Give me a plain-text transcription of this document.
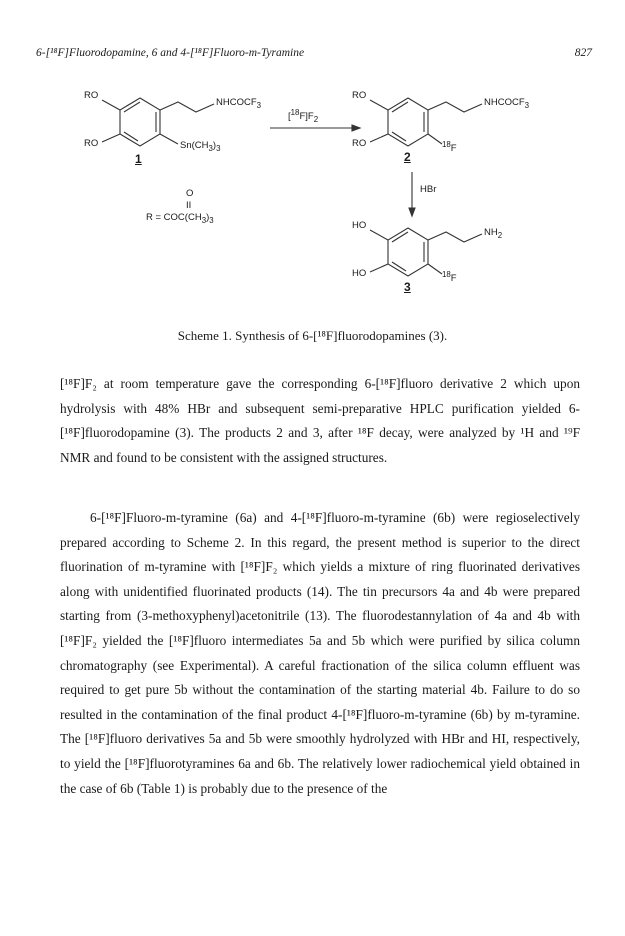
6-[¹⁸F]Fluorodopamine, 6 and 4-[¹⁸F]Fluoro-m-Tyramine	827
RO
RO
$NHCOCF_3$
$Sn(CH_3)_3$
1
$[^{18}F]F_2$
RO
RO
$NHCOCF_3$
$^{18}$F
2
HBr
O
II
$R = COC(CH_3)_3$	HO
HO
$NH_2$
$^{18}$F
3
Scheme 1. Synthesis of 6-[¹⁸F]fluorodopamines (3).

[¹⁸F]F₂ at room temperature gave the corresponding 6-[¹⁸F]fluoro derivative 2 which upon hydrolysis with 48% HBr and subsequent semi-preparative HPLC purification yielded 6-[¹⁸F]fluorodopamine (3). The products 2 and 3, after ¹⁸F decay, were analyzed by ¹H and ¹⁹F NMR and found to be consistent with the assigned structures.

6-[¹⁸F]Fluoro-m-tyramine (6a) and 4-[¹⁸F]fluoro-m-tyramine (6b) were regioselectively prepared according to Scheme 2. In this regard, the present method is superior to the direct fluorination of m-tyramine with [¹⁸F]F₂ which yields a mixture of ring fluorinated derivatives along with unidentified fluorinated products (14). The tin precursors 4a and 4b were prepared starting from (3-methoxyphenyl)acetonitrile (13). The fluorodestannylation of 4a and 4b with [¹⁸F]F₂ yielded the [¹⁸F]fluoro intermediates 5a and 5b which were purified by silica column chromatography (see Experimental). A careful fractionation of the silica column effluent was required to get pure 5b without the contamination of the starting material 4b. Failure to do so resulted in the contamination of the final product 4-[¹⁸F]fluoro-m-tyramine (6b) by m-tyramine. The [¹⁸F]fluoro derivatives 5a and 5b were smoothly hydrolyzed with HBr and HI, respectively, to yield the [¹⁸F]fluorotyramines 6a and 6b. The relatively lower radiochemical yield obtained in the case of 6b (Table 1) is probably due to the presence of the
